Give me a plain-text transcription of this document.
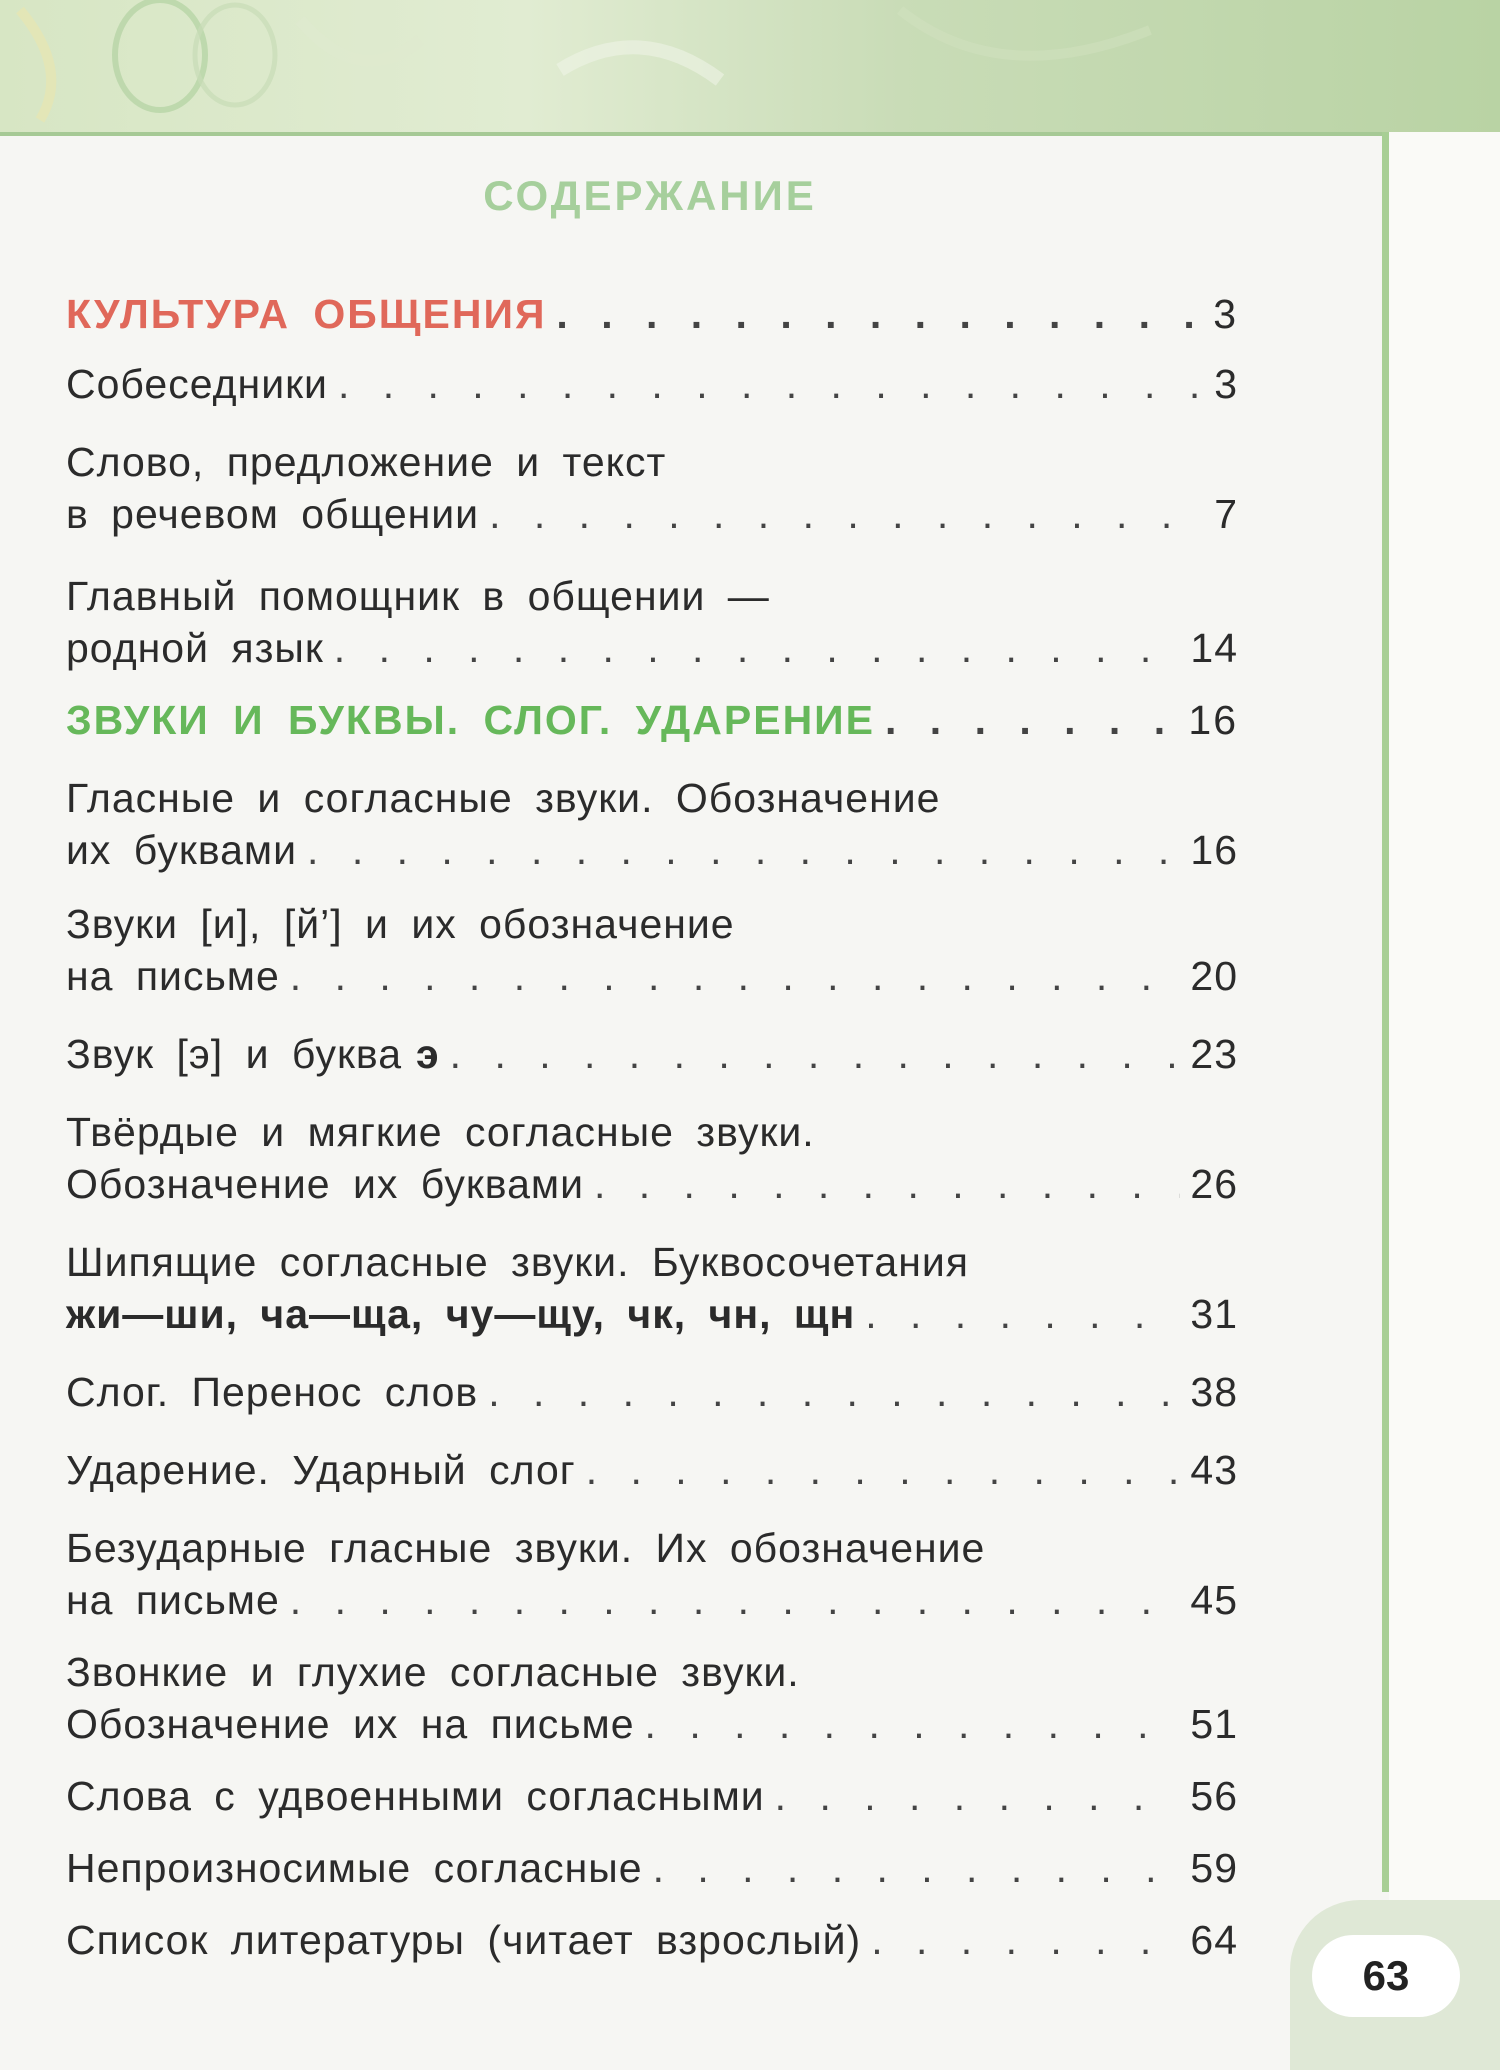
СОДЕРЖАНИЕ
КУЛЬТУРА ОБЩЕНИЯ . . .	3
Собеседники . . .	3
Слово, предложение и текст
в речевом общении . . .	7
Главный помощник в общении —
родной язык . . .	14
ЗВУКИ И БУКВЫ. СЛОГ. УДАРЕНИЕ . . .	16
Гласные и согласные звуки. Обозначение
их буквами . . .	16
Звуки [и], [й’] и их обозначение
на письме . . .	20
Звук [э] и буква э . . .	23
Твёрдые и мягкие согласные звуки.
Обозначение их буквами . . .	26
Шипящие согласные звуки. Буквосочетания
жи—ши, ча—ща, чу—щу, чк, чн, щн . . .	31
Слог. Перенос слов . . .	38
Ударение. Ударный слог . . .	43
Безударные гласные звуки. Их обозначение
на письме . . .	45
Звонкие и глухие согласные звуки.
Обозначение их на письме . . .	51
Слова с удвоенными согласными . . .	56
Непроизносимые согласные . . .	59
Список литературы (читает взрослый) . . .	64
63
